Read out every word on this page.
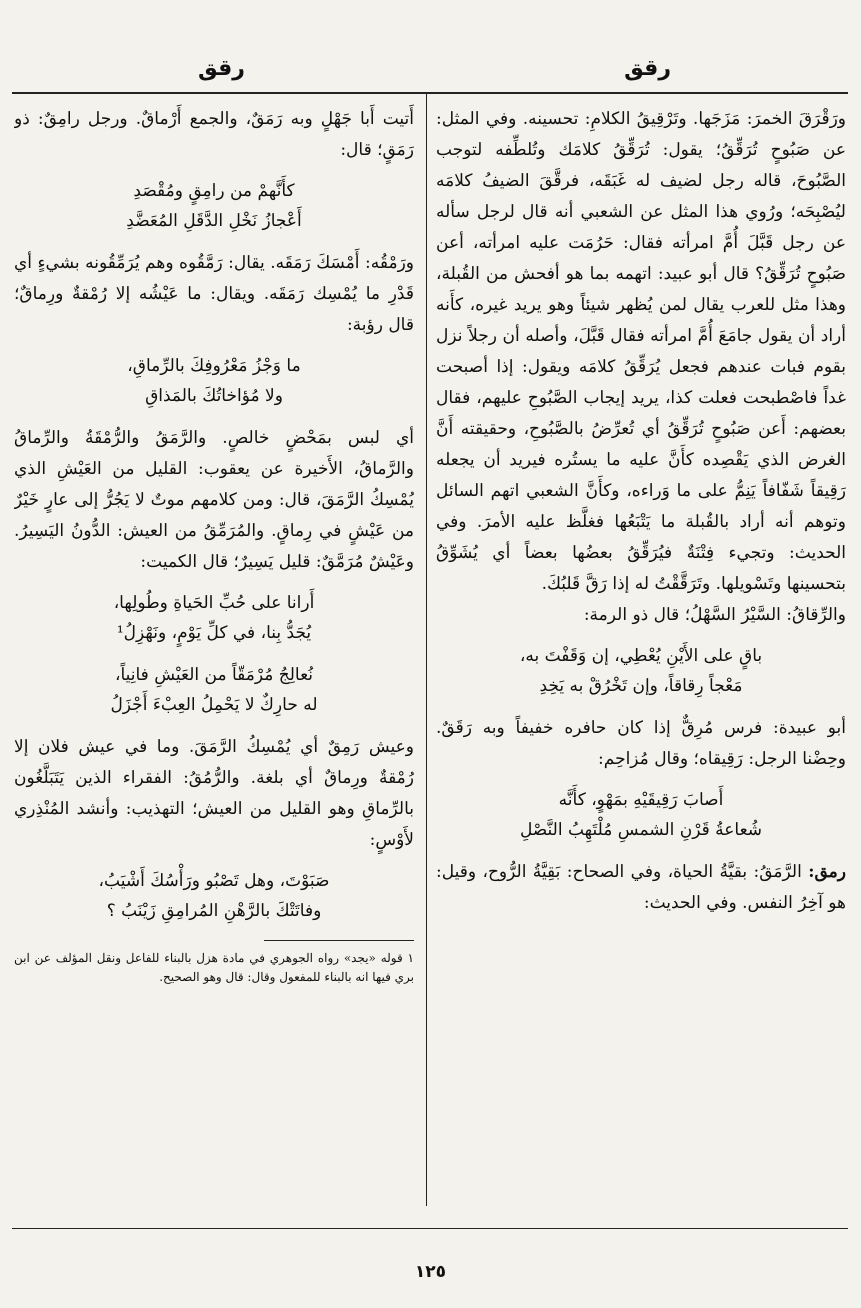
رقق
رقق

ورَقْرَقَ الخمرَ: مَزَجَها. وتَرْقِيقُ الكلامِ: تحسينه. وفي المثل: عن صَبُوحٍ تُرَقِّقُ؛ يقول: تُرَقِّقُ كلامَك وتُلطِّفه لتوجب الصَّبُوحَ، قاله رجل لضيف له غَبَقَه، فرقَّقَ الضيفُ كلامَه ليُصْبِحَه؛ ورُوي هذا المثل عن الشعبي أنه قال لرجل سأله عن رجل قَبَّلَ أُمَّ امرأته فقال: حَرُمَت عليه امرأته، أعن صَبُوحٍ تُرَقِّقُ؟ قال أبو عبيد: اتهمه بما هو أفحش من القُبلة، وهذا مثل للعرب يقال لمن يُظهر شيئاً وهو يريد غيره، كأَنه أراد أن يقول جامَعَ أُمَّ امرأته فقال قَبَّلَ، وأصله أن رجلاً نزل بقوم فبات عندهم فجعل يُرَقِّقُ كلامَه ويقول: إذا أصبحت غداً فاصْطبحت فعلت كذا، يريد إيجاب الصَّبُوحِ عليهم، فقال بعضهم: أَعن صَبُوحٍ تُرَقِّقُ أي تُعرِّضُ بالصَّبُوحِ، وحقيقته أَنَّ الغرض الذي يَقْصِده كأَنَّ عليه ما يستُره فيريد أن يجعله رَقِيقاً شَفّافاً يَنِمُّ على ما وَراءه، وكأَنَّ الشعبي اتهم السائل وتوهم أنه أراد بالقُبلة ما يَتْبَعُها فغلَّظ عليه الأمرَ. وفي الحديث: وتجيء فِتْنَةٌ فيُرَقِّقُ بعضُها بعضاً أي يُشَوِّقُ بتحسينها وتَسْويلها. وتَرَقَّقْتُ له إذا رَقَّ قَلبُكَ.

والرِّقاقُ: السَّيْرُ السَّهْلُ؛ قال ذو الرمة:

باقٍ على الأَيْنِ يُعْطِي، إن وَقَفْتَ به،
مَعْجاً رِقاقاً، وإن تَخْرُقْ به يَخِدِ

أبو عبيدة: فرس مُرِقٌّ إذا كان حافره خفيفاً وبه رَقَقٌ. وحِضْنا الرجل: رَقِيقاه؛ وقال مُزاحِم:

أَصابَ رَقِيقَيْهِ بمَهْوٍ، كأَنَّه
شُعاعةُ قَرْنِ الشمسِ مُلْتَهِبُ النَّصْلِ

رمق: الرَّمَقُ: بقيَّةُ الحياة، وفي الصحاح: بَقِيَّةُ الرُّوح، وقيل: هو آخِرُ النفس. وفي الحديث:

أَتيت أَبا جَهْلٍ وبه رَمَقٌ، والجمع أَرْماقٌ. ورجل رامِقٌ: ذو رَمَقٍ؛ قال:

كأَنَّهمْ من رامِقٍ ومُقْصَدِ
أَعْجازُ نَخْلِ الدَّقَلِ المُعَضَّدِ

ورَمْقُه: أَمْسَكَ رَمَقَه. يقال: رَمَّقُوه وهم يُرَمِّقُونه بشيءٍ أي قَدْرِ ما يُمْسِك رَمَقَه. ويقال: ما عَيْشُه إلا رُمْقةٌ ورِماقٌ؛ قال رؤبة:

ما وَجْزُ مَعْرُوفِكَ بالرِّماقِ،
ولا مُؤاخاتُكَ بالمَذاقِ

أي لبس بمَحْضٍ خالصٍ. والرَّمَقُ والرُّمْقَةُ والرِّماقُ والرَّماقُ، الأَخيرة عن يعقوب: القليل من العَيْشِ الذي يُمْسِكُ الرَّمَقَ، قال: ومن كلامهم موتٌ لا يَجُرُّ إلى عارٍ خَيْرٌ من عَيْشٍ في رِماقٍ. والمُرَمِّقُ من العيش: الدُّونُ اليَسِيرُ. وعَيْشٌ مُرَمَّقٌ: قليل يَسِيرٌ؛ قال الكميت:

أَرانا على حُبِّ الحَياةِ وطُولِها،
يُجَدُّ بِنا، في كلِّ يَوْمٍ، ونَهْزِلُ¹
نُعالِجُ مُرْمَقّاً من العَيْشِ فانِياً،
له حارِكٌ لا يَحْمِلُ العِبْءَ أَجْزَلُ

وعيش رَمِقٌ أي يُمْسِكُ الرَّمَقَ. وما في عيش فلان إلا رُمْقةٌ ورِماقٌ أي بلغة. والرُّمُقُ: الفقراء الذين يَتَبَلَّغُون بالرِّماقِ وهو القليل من العيش؛ التهذيب: وأنشد المُنْذِري لأَوْسٍ:

صَبَوْتَ، وهل تَصْبُو ورَأْسُكَ أَشْيَبُ،
وفاتَتْكَ بالرَّهْنِ المُرامِقِ زَيْنَبُ ؟

١ قوله «يجد» رواه الجوهري في مادة هزل بالبناء للفاعل ونقل المؤلف عن ابن بري فيها انه بالبناء للمفعول وقال: قال وهو الصحيح.

١٢٥
